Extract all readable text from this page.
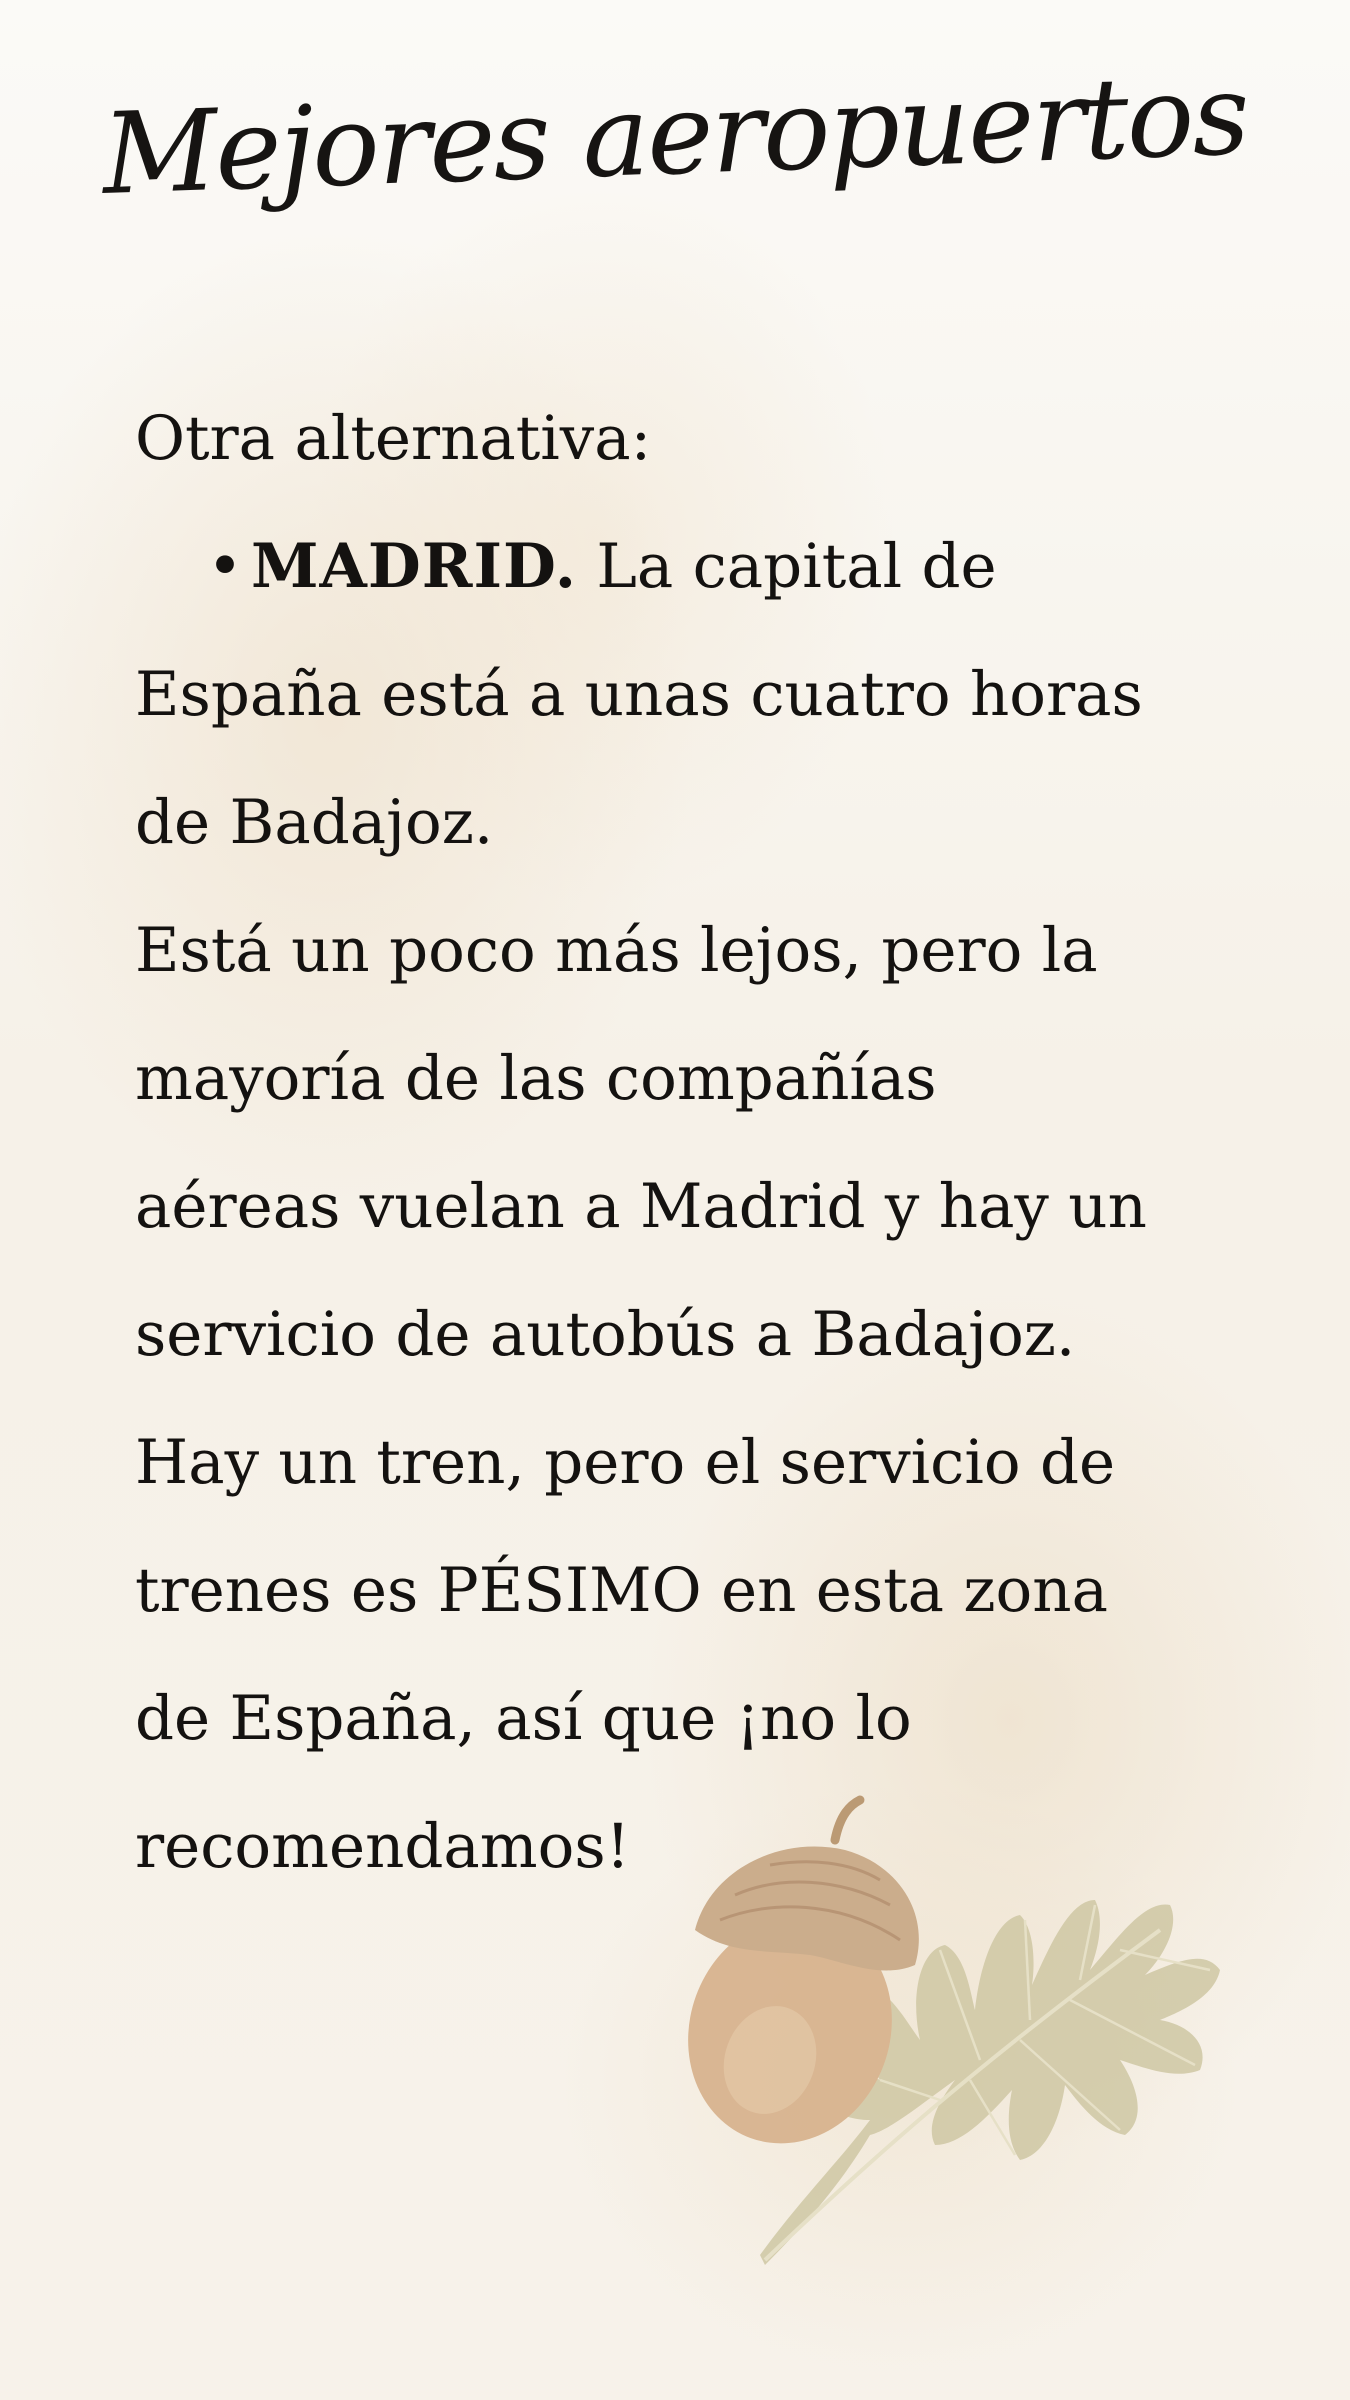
Mejores aeropuertos

Otra alternativa:

• MADRID. La capital de

España está a unas cuatro horas

de Badajoz.

Está un poco más lejos, pero la

mayoría de las compañías

aéreas vuelan a Madrid y hay un

servicio de autobús a Badajoz.

Hay un tren, pero el servicio de

trenes es PÉSIMO en esta zona

de España, así que ¡no lo

recomendamos!
